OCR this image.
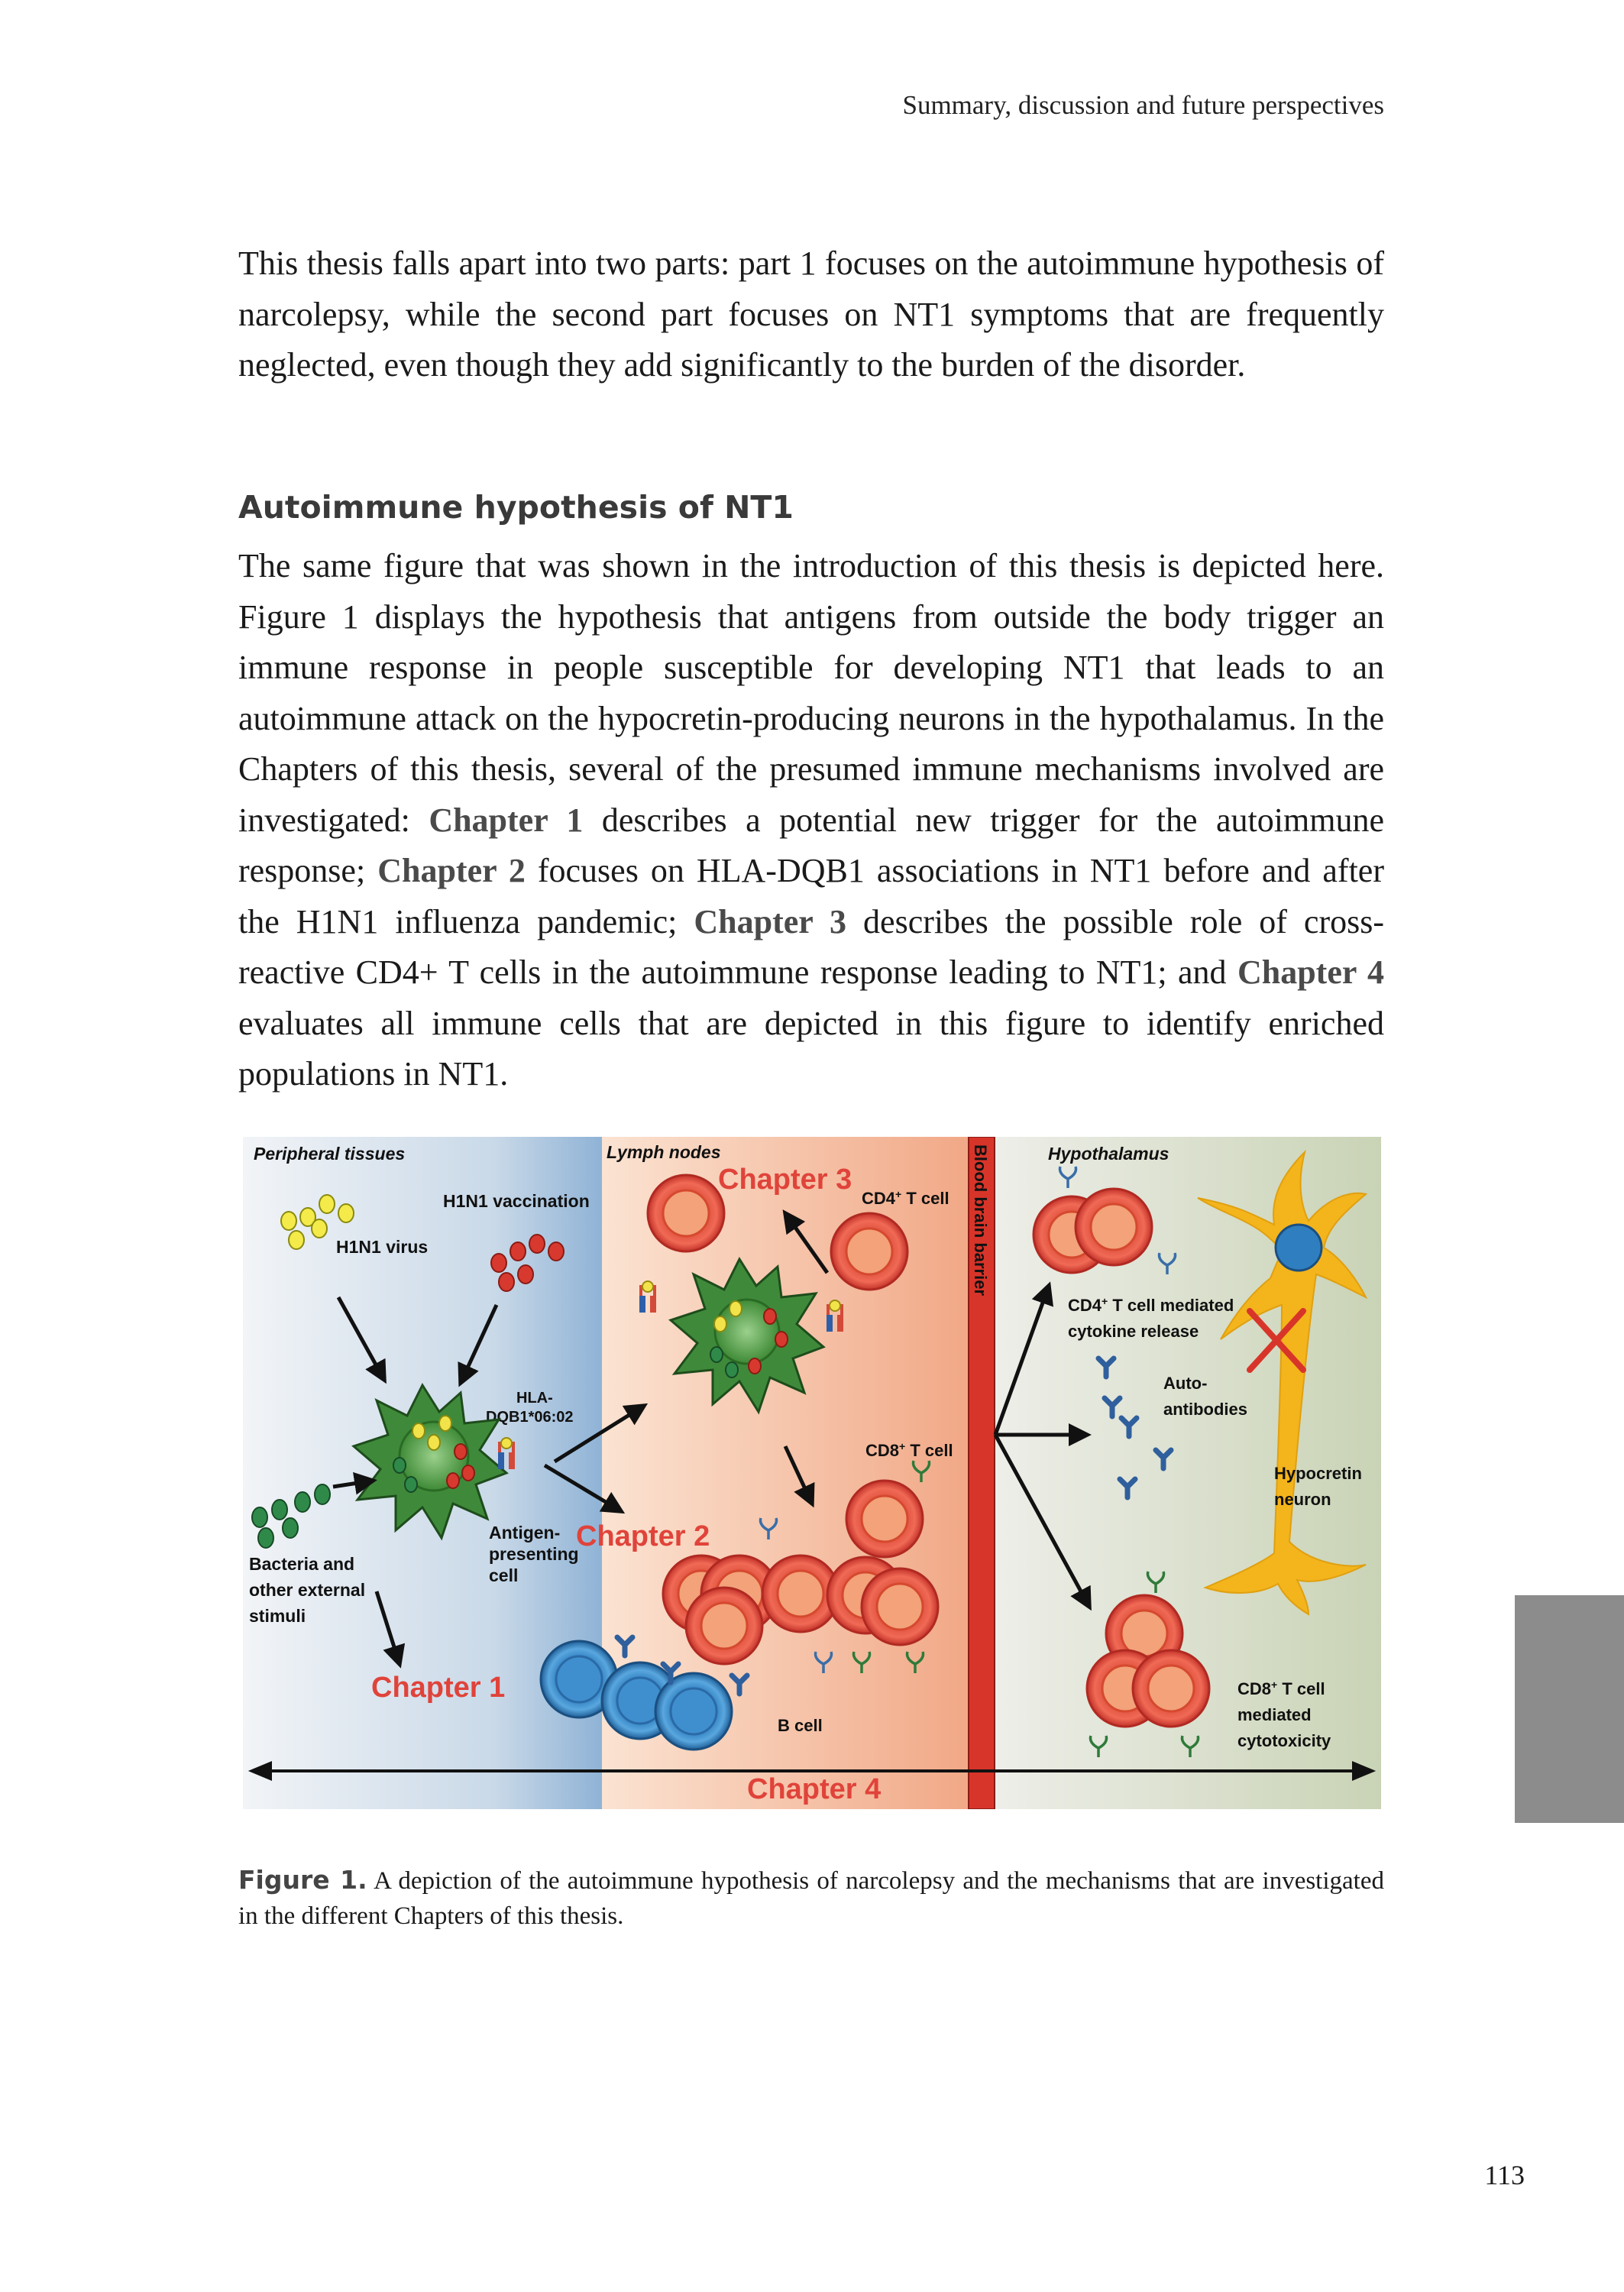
Summary, discussion and future perspectives

This thesis falls apart into two parts: part 1 focuses on the autoimmune hypothesis of narcolepsy, while the second part focuses on NT1 symptoms that are frequently neglected, even though they add significantly to the burden of the disorder.

Autoimmune hypothesis of NT1

The same figure that was shown in the introduction of this thesis is depicted here. Figure 1 displays the hypothesis that antigens from outside the body trigger an immune response in people susceptible for developing NT1 that leads to an autoimmune attack on the hypocretin-producing neurons in the hypothalamus. In the Chapters of this thesis, several of the presumed immune mechanisms involved are investigated: Chapter 1 describes a potential new trigger for the autoimmune response; Chapter 2 focuses on HLA-DQB1 associations in NT1 before and after the H1N1 influenza pandemic; Chapter 3 describes the possible role of cross-reactive CD4+ T cells in the autoimmune response leading to NT1; and Chapter 4 evaluates all immune cells that are depicted in this figure to identify enriched populations in NT1.

Peripheral tissues	Lymph nodes	Hypothalamus
Blood brain barrier
H1N1 vaccination
H1N1 virus
Bacteria and
other external
stimuli
HLA-
DQB1*06:02
Antigen-
presenting
cell
CD4+ T cell
CD8+ T cell
B cell
CD4+ T cell mediated
cytokine release
Auto-
antibodies
Hypocretin
neuron
CD8+ T cell
mediated
cytotoxicity
Chapter 1
Chapter 2
Chapter 3
Chapter 4

Figure 1. A depiction of the autoimmune hypothesis of narcolepsy and the mechanisms that are investigated in the different Chapters of this thesis.

113
